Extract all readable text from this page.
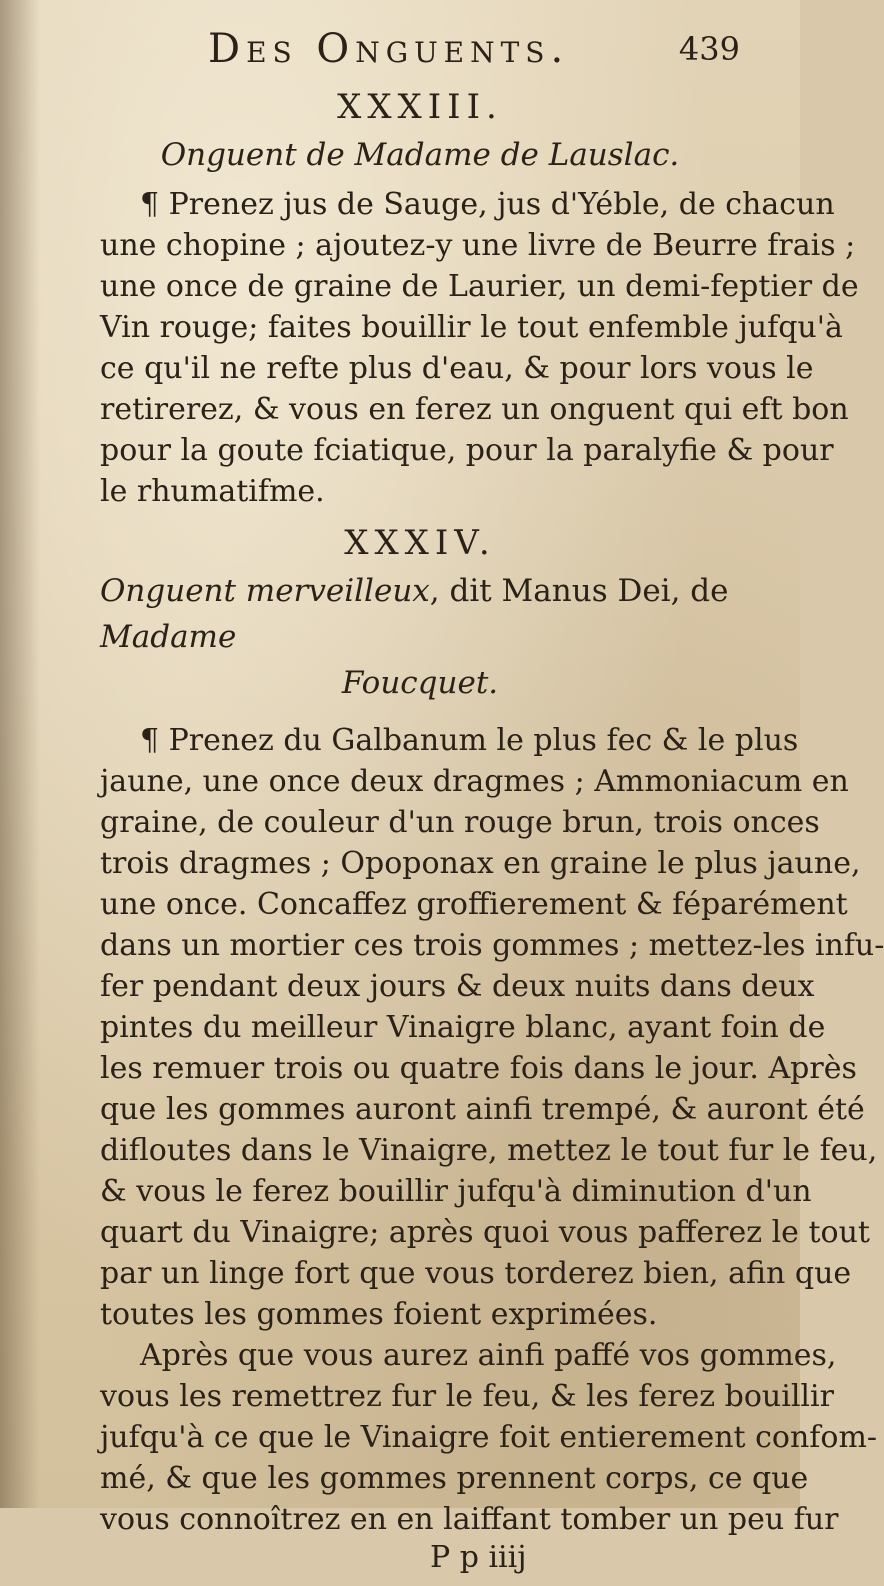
Des Onguents.	439

XXXIII.

Onguent de Madame de Lauslac.

¶ Prenez jus de Sauge, jus d'Yéble, de chacun
une chopine ; ajoutez-y une livre de Beurre frais ;
une once de graine de Laurier, un demi-feptier de
Vin rouge; faites bouillir le tout enfemble jufqu'à
ce qu'il ne refte plus d'eau, & pour lors vous le
retirerez, & vous en ferez un onguent qui eft bon
pour la goute fciatique, pour la paralyfie & pour
le rhumatifme.

XXXIV.

Onguent merveilleux, dit Manus Dei, de Madame

Foucquet.

¶ Prenez du Galbanum le plus fec & le plus
jaune, une once deux dragmes ; Ammoniacum en
graine, de couleur d'un rouge brun, trois onces
trois dragmes ; Opoponax en graine le plus jaune,
une once. Concaffez groffierement & féparément
dans un mortier ces trois gommes ; mettez-les infu-
fer pendant deux jours & deux nuits dans deux
pintes du meilleur Vinaigre blanc, ayant foin de
les remuer trois ou quatre fois dans le jour. Après
que les gommes auront ainfi trempé, & auront été
difloutes dans le Vinaigre, mettez le tout fur le feu,
& vous le ferez bouillir jufqu'à diminution d'un
quart du Vinaigre; après quoi vous pafferez le tout
par un linge fort que vous torderez bien, afin que
toutes les gommes foient exprimées.
Après que vous aurez ainfi paffé vos gommes,
vous les remettrez fur le feu, & les ferez bouillir
jufqu'à ce que le Vinaigre foit entierement confom-
mé, & que les gommes prennent corps, ce que
vous connoîtrez en en laiffant tomber un peu fur
P p iiij
